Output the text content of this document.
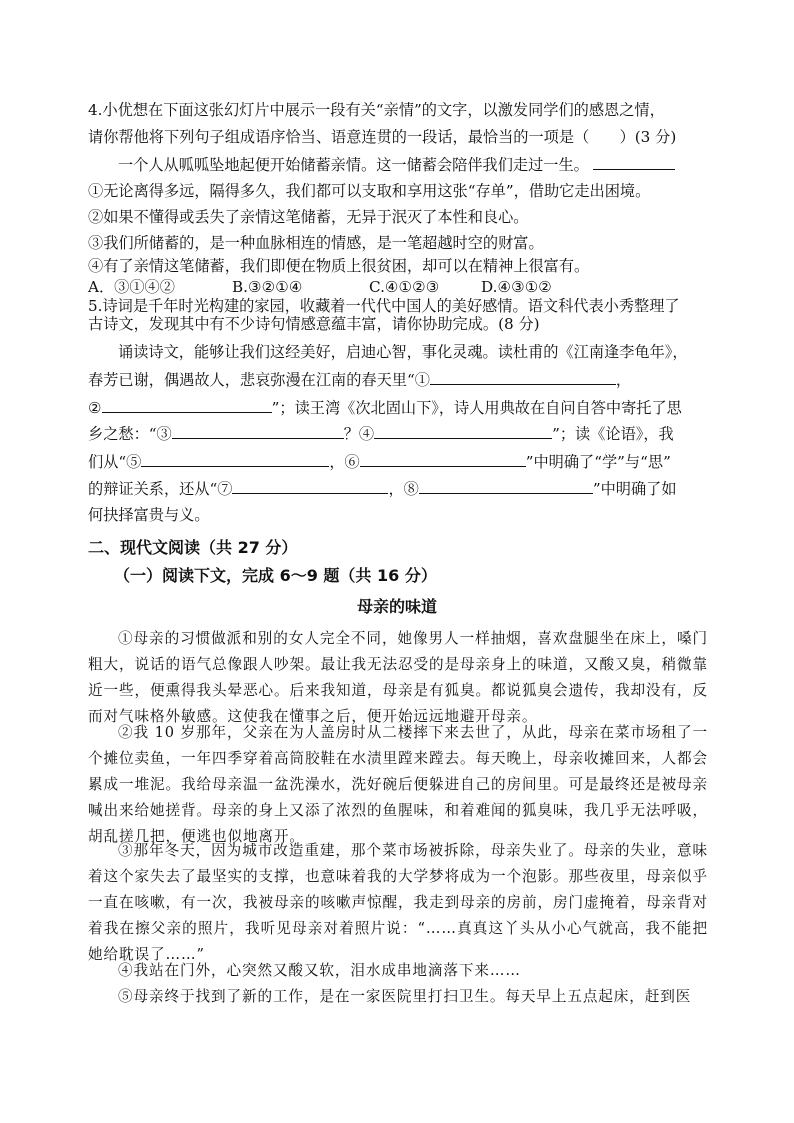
4.小优想在下面这张幻灯片中展示一段有关“亲情”的文字，以激发同学们的感恩之情，
请你帮他将下列句子组成语序恰当、语意连贯的一段话，最恰当的一项是（　　）(3 分)
一个人从呱呱坠地起便开始储蓄亲情。这一储蓄会陪伴我们走过一生。
①无论离得多远，隔得多久，我们都可以支取和享用这张“存单”，借助它走出困境。
②如果不懂得或丢失了亲情这笔储蓄，无异于泯灭了本性和良心。
③我们所储蓄的，是一种血脉相连的情感，是一笔超越时空的财富。
④有了亲情这笔储蓄，我们即便在物质上很贫困，却可以在精神上很富有。
A．③①④②	B.③②①④	C.④①②③	D.④③①②
5.诗词是千年时光构建的家园，收藏着一代代中国人的美好感情。语文科代表小秀整理了
古诗文，发现其中有不少诗句情感意蕴丰富，请你协助完成。(8 分)
诵读诗文，能够让我们这经美好，启迪心智，事化灵魂。读杜甫的《江南逢李龟年》，
春芳已谢，偶遇故人，悲哀弥漫在江南的春天里“①	，
②	”；读王湾《次北固山下》，诗人用典故在自问自答中寄托了思
乡之愁：“③	？④	”；读《论语》，我
们从“⑤	，⑥	”中明确了“学”与“思”
的辩证关系，还从“⑦	，⑧	”中明确了如
何抉择富贵与义。
二、现代文阅读（共 27 分）
（一）阅读下文，完成 6～9 题（共 16 分）
母亲的味道
①母亲的习惯做派和别的女人完全不同，她像男人一样抽烟，喜欢盘腿坐在床上，嗓门粗大，说话的语气总像跟人吵架。最让我无法忍受的是母亲身上的味道，又酸又臭，稍微靠近一些，便熏得我头晕恶心。后来我知道，母亲是有狐臭。都说狐臭会遗传，我却没有，反而对气味格外敏感。这使我在懂事之后，便开始远远地避开母亲。
②我 10 岁那年，父亲在为人盖房时从二楼摔下来去世了，从此，母亲在菜市场租了一个摊位卖鱼，一年四季穿着高筒胶鞋在水渍里蹚来蹚去。每天晚上，母亲收摊回来，人都会累成一堆泥。我给母亲温一盆洗澡水，洗好碗后便躲进自己的房间里。可是最终还是被母亲喊出来给她搓背。母亲的身上又添了浓烈的鱼腥味，和着难闻的狐臭味，我几乎无法呼吸，胡乱搓几把，便逃也似地离开。
③那年冬天，因为城市改造重建，那个菜市场被拆除，母亲失业了。母亲的失业，意味着这个家失去了最坚实的支撑，也意味着我的大学梦将成为一个泡影。那些夜里，母亲似乎一直在咳嗽，有一次，我被母亲的咳嗽声惊醒，我走到母亲的房前，房门虚掩着，母亲背对着我在擦父亲的照片，我听见母亲对着照片说：“……真真这丫头从小心气就高，我不能把她给耽误了……”
④我站在门外，心突然又酸又软，泪水成串地滴落下来……
⑤母亲终于找到了新的工作，是在一家医院里打扫卫生。每天早上五点起床，赶到医
